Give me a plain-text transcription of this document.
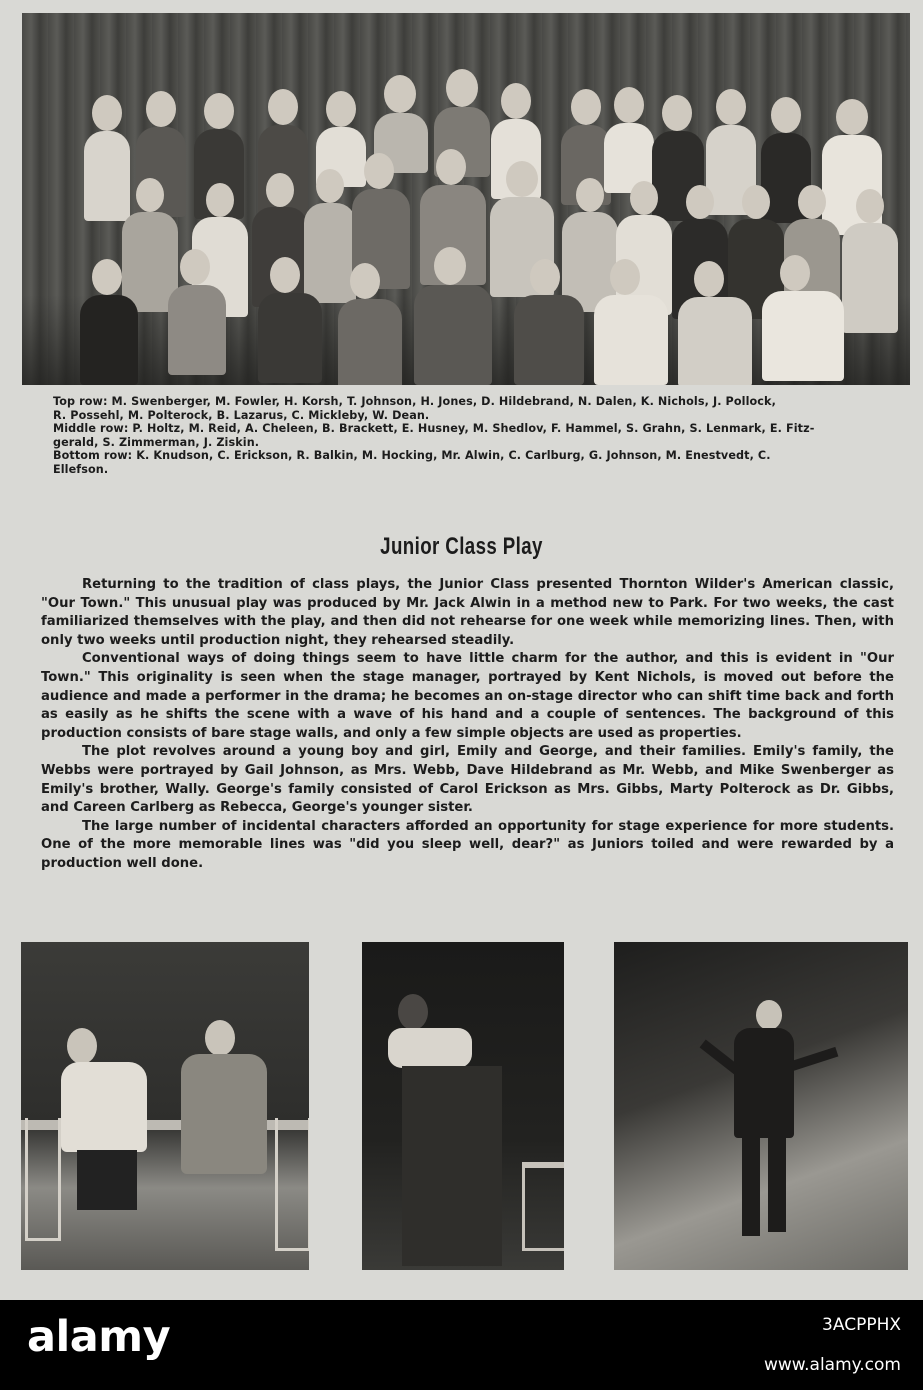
Top row: M. Swenberger, M. Fowler, H. Korsh, T. Johnson, H. Jones, D. Hildebrand, N. Dalen, K. Nichols, J. Pollock,

R. Possehl, M. Polterock, B. Lazarus, C. Mickleby, W. Dean.

Middle row: P. Holtz, M. Reid, A. Cheleen, B. Brackett, E. Husney, M. Shedlov, F. Hammel, S. Grahn, S. Lenmark, E. Fitz-

gerald, S. Zimmerman, J. Ziskin.

Bottom row: K. Knudson, C. Erickson, R. Balkin, M. Hocking, Mr. Alwin, C. Carlburg, G. Johnson, M. Enestvedt, C.

Ellefson.

Junior Class Play

Returning to the tradition of class plays, the Junior Class presented Thornton Wilder's American classic, "Our Town." This unusual play was produced by Mr. Jack Alwin in a method new to Park. For two weeks, the cast familiarized themselves with the play, and then did not rehearse for one week while memorizing lines. Then, with only two weeks until production night, they rehearsed steadily.

Conventional ways of doing things seem to have little charm for the author, and this is evident in "Our Town." This originality is seen when the stage manager, portrayed by Kent Nichols, is moved out before the audience and made a performer in the drama; he becomes an on-stage director who can shift time back and forth as easily as he shifts the scene with a wave of his hand and a couple of sentences. The background of this production consists of bare stage walls, and only a few simple objects are used as properties.

The plot revolves around a young boy and girl, Emily and George, and their families. Emily's family, the Webbs were portrayed by Gail Johnson, as Mrs. Webb, Dave Hildebrand as Mr. Webb, and Mike Swenberger as Emily's brother, Wally. George's family consisted of Carol Erickson as Mrs. Gibbs, Marty Polterock as Dr. Gibbs, and Careen Carlberg as Rebecca, George's younger sister.

The large number of incidental characters afforded an opportunity for stage experience for more students. One of the more memorable lines was "did you sleep well, dear?" as Juniors toiled and were rewarded by a production well done.

alamy	3ACPPHX
www.alamy.com
